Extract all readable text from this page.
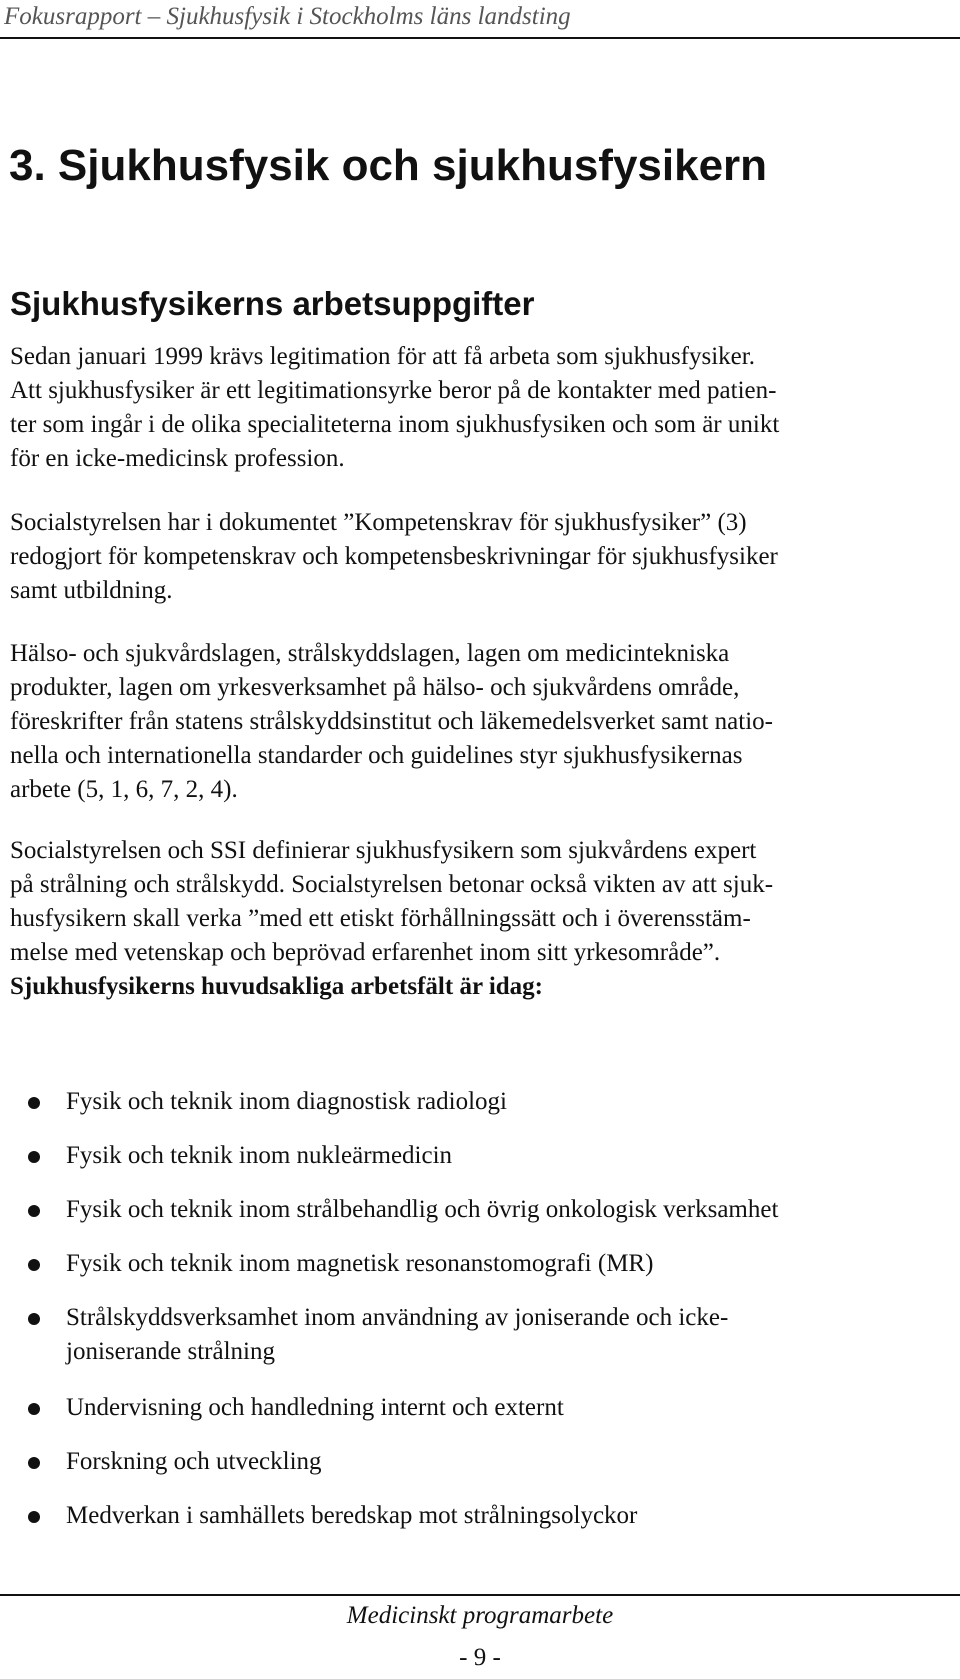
Fokusrapport – Sjukhusfysik i Stockholms läns landsting
3. Sjukhusfysik och sjukhusfysikern
Sjukhusfysikerns arbetsuppgifter
Sedan januari 1999 krävs legitimation för att få arbeta som sjukhusfysiker.
Att sjukhusfysiker är ett legitimationsyrke beror på de kontakter med patien-
ter som ingår i de olika specialiteterna inom sjukhusfysiken och som är unikt
för en icke-medicinsk profession.
Socialstyrelsen har i dokumentet ”Kompetenskrav för sjukhusfysiker” (3)
redogjort för kompetenskrav och kompetensbeskrivningar för sjukhusfysiker
samt utbildning.
Hälso- och sjukvårdslagen, strålskyddslagen, lagen om medicintekniska
produkter, lagen om yrkesverksamhet på hälso- och sjukvårdens område,
föreskrifter från statens strålskyddsinstitut och läkemedelsverket samt natio-
nella och internationella standarder och guidelines styr sjukhusfysikernas
arbete (5, 1, 6, 7, 2, 4).
Socialstyrelsen och SSI definierar sjukhusfysikern som sjukvårdens expert
på strålning och strålskydd. Socialstyrelsen betonar också vikten av att sjuk-
husfysikern skall verka ”med ett etiskt förhållningssätt och i överensstäm-
melse med vetenskap och beprövad erfarenhet inom sitt yrkesområde”.
Sjukhusfysikerns huvudsakliga arbetsfält är idag:
Fysik och teknik inom diagnostisk radiologi
Fysik och teknik inom nukleärmedicin
Fysik och teknik inom strålbehandlig och övrig onkologisk verksamhet
Fysik och teknik inom magnetisk resonanstomografi (MR)
Strålskyddsverksamhet inom användning av joniserande och icke-
joniserande strålning
Undervisning och handledning internt och externt
Forskning och utveckling
Medverkan i samhällets beredskap mot strålningsolyckor
Medicinskt programarbete
- 9 -
